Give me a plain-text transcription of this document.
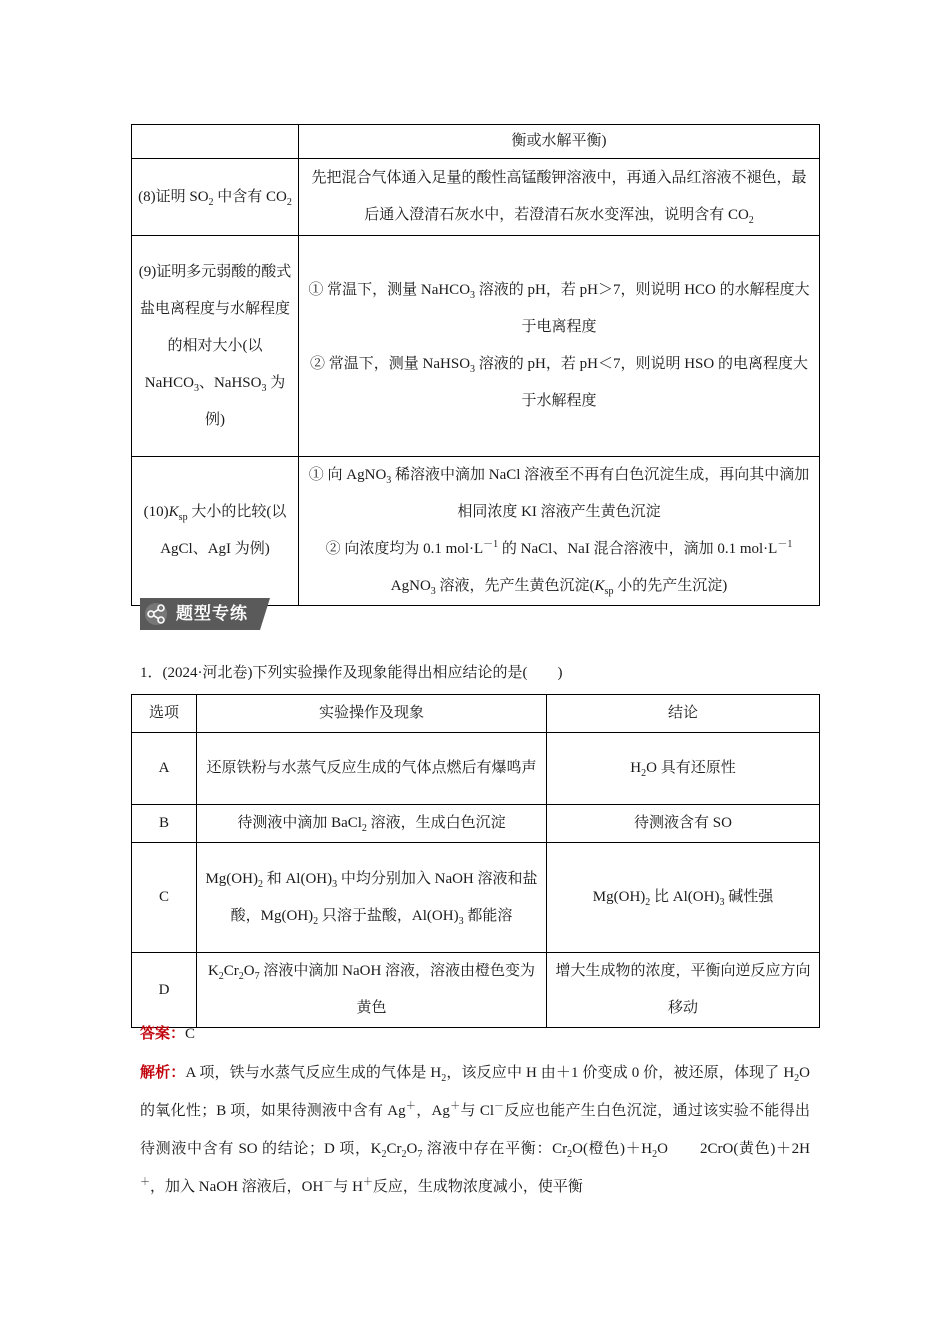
	衡或水解平衡)

(8)证明 $SO_2$ 中含有 $CO_2$	先把混合气体通入足量的酸性高锰酸钾溶液中，再通入品红溶液不褪色，最后通入澄清石灰水中，若澄清石灰水变浑浊，说明含有 $CO_2$

(9)证明多元弱酸的酸式盐电离程度与水解程度的相对大小(以 NaHCO$_3$、NaHSO$_3$ 为例)	① 常温下，测量 NaHCO$_3$ 溶液的 pH，若 pH＞7，则说明 HCO 的水解程度大于电离程度
② 常温下，测量 NaHSO$_3$ 溶液的 pH，若 pH＜7，则说明 HSO 的电离程度大于水解程度

$(10)K_{sp}$ 大小的比较(以 AgCl、AgI 为例)	① 向 AgNO$_3$ 稀溶液中滴加 NaCl 溶液至不再有白色沉淀生成，再向其中滴加相同浓度 KI 溶液产生黄色沉淀
② 向浓度均为 0.1 $mol\cdot L^{-1}$ 的 NaCl、NaI 混合溶液中，滴加 0.1 $mol\cdot L^{-1}$ AgNO$_3$ 溶液，先产生黄色沉淀($K_{sp}$ 小的先产生沉淀)
题型专练
1．(2024·河北卷)下列实验操作及现象能得出相应结论的是(　　)
选项	实验操作及现象	结论
A	还原铁粉与水蒸气反应生成的气体点燃后有爆鸣声	$H_2O$ 具有还原性
B	待测液中滴加 BaCl$_2$ 溶液，生成白色沉淀	待测液含有 SO
C	$Mg(OH)_2$ 和 $Al(OH)_3$ 中均分别加入 NaOH 溶液和盐酸，$Mg(OH)_2$ 只溶于盐酸，$Al(OH)_3$ 都能溶	$Mg(OH)_2$ 比 $Al(OH)_3$ 碱性强
D	$K_2Cr_2O_7$ 溶液中滴加 NaOH 溶液，溶液由橙色变为黄色	增大生成物的浓度，平衡向逆反应方向移动
答案：C
解析：A 项，铁与水蒸气反应生成的气体是 $H_2$，该反应中 H 由＋1 价变成 0 价，被还原，体现了 $H_2O$ 的氧化性；B 项，如果待测液中含有 Ag＋，Ag＋与 Cl－反应也能产生白色沉淀，通过该实验不能得出待测液中含有 SO 的结论；D 项，$K_2Cr_2O_7$ 溶液中存在平衡：$Cr_2O$(橙色)$+H_2O$　　2CrO(黄色)＋2H＋，加入 NaOH 溶液后，OH－与 H＋反应，生成物浓度减小，使平衡
